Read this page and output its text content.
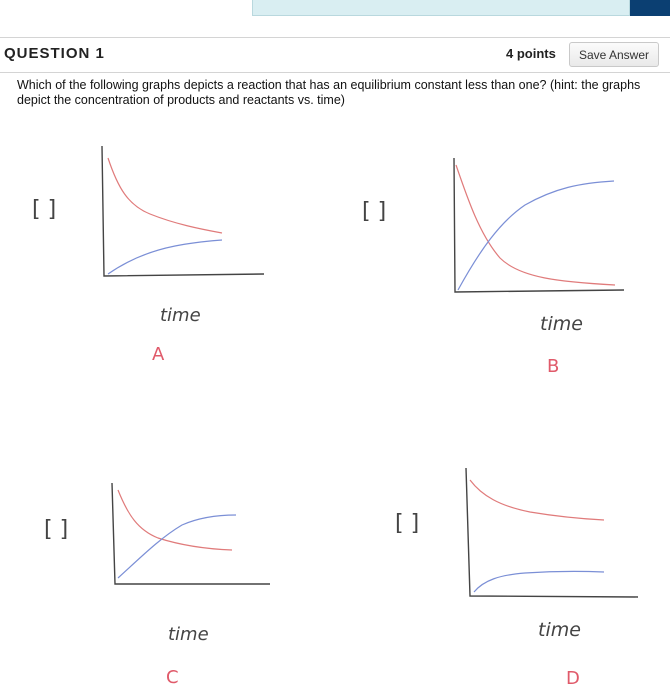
QUESTION 1	4 points	Save Answer
Which of the following graphs depicts a reaction that has an equilibrium constant less than one? (hint: the graphs depict the concentration of products and reactants vs. time)
[ ]
time
A
[ ]
time
B
[ ]
time
C
[ ]
time
D
